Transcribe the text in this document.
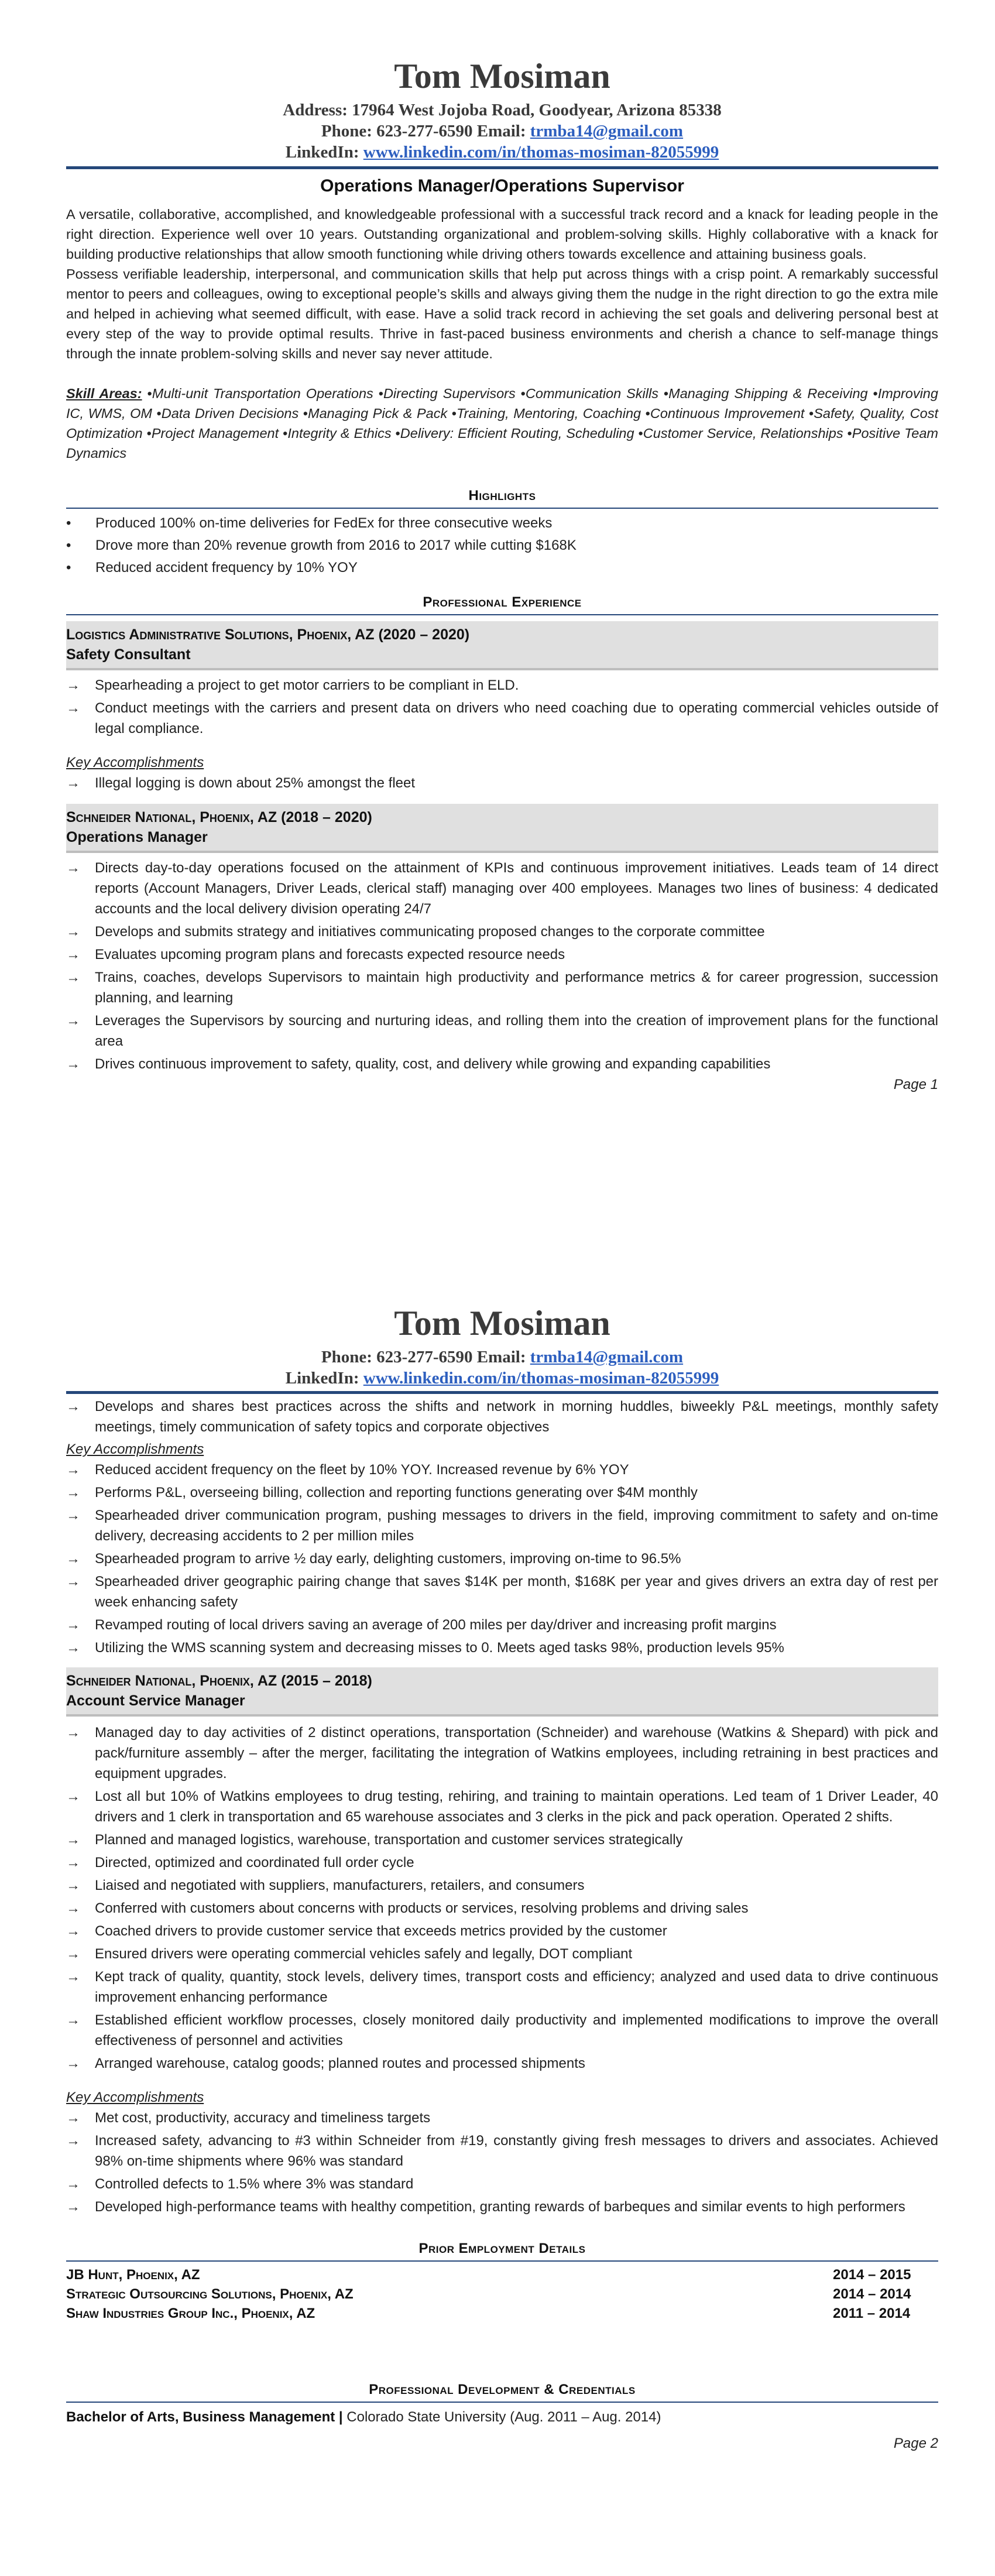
Tom Mosiman
Address: 17964 West Jojoba Road, Goodyear, Arizona 85338
Phone: 623-277-6590 Email: trmba14@gmail.com
LinkedIn: www.linkedin.com/in/thomas-mosiman-82055999
Operations Manager/Operations Supervisor

A versatile, collaborative, accomplished, and knowledgeable professional with a successful track record and a knack for leading people in the right direction. Experience well over 10 years. Outstanding organizational and problem-solving skills. Highly collaborative with a knack for building productive relationships that allow smooth functioning while driving others towards excellence and attaining business goals.

Possess verifiable leadership, interpersonal, and communication skills that help put across things with a crisp point. A remarkably successful mentor to peers and colleagues, owing to exceptional people’s skills and always giving them the nudge in the right direction to go the extra mile and helped in achieving what seemed difficult, with ease. Have a solid track record in achieving the set goals and delivering personal best at every step of the way to provide optimal results. Thrive in fast-paced business environments and cherish a chance to self-manage things through the innate problem-solving skills and never say never attitude.

Skill Areas: •Multi-unit Transportation Operations •Directing Supervisors •Communication Skills •Managing Shipping & Receiving •Improving IC, WMS, OM •Data Driven Decisions •Managing Pick & Pack •Training, Mentoring, Coaching •Continuous Improvement •Safety, Quality, Cost Optimization •Project Management •Integrity & Ethics •Delivery: Efficient Routing, Scheduling •Customer Service, Relationships •Positive Team Dynamics
Highlights
• Produced 100% on-time deliveries for FedEx for three consecutive weeks
• Drove more than 20% revenue growth from 2016 to 2017 while cutting $168K
• Reduced accident frequency by 10% YOY
Professional Experience
Logistics Administrative Solutions, Phoenix, AZ (2020 – 2020)
Safety Consultant
→ Spearheading a project to get motor carriers to be compliant in ELD.
→ Conduct meetings with the carriers and present data on drivers who need coaching due to operating commercial vehicles outside of legal compliance.
Key Accomplishments
→ Illegal logging is down about 25% amongst the fleet
Schneider National, Phoenix, AZ (2018 – 2020)
Operations Manager
→ Directs day-to-day operations focused on the attainment of KPIs and continuous improvement initiatives. Leads team of 14 direct reports (Account Managers, Driver Leads, clerical staff) managing over 400 employees. Manages two lines of business: 4 dedicated accounts and the local delivery division operating 24/7
→ Develops and submits strategy and initiatives communicating proposed changes to the corporate committee
→ Evaluates upcoming program plans and forecasts expected resource needs
→ Trains, coaches, develops Supervisors to maintain high productivity and performance metrics & for career progression, succession planning, and learning
→ Leverages the Supervisors by sourcing and nurturing ideas, and rolling them into the creation of improvement plans for the functional area
→ Drives continuous improvement to safety, quality, cost, and delivery while growing and expanding capabilities
Page 1
Tom Mosiman
Phone: 623-277-6590 Email: trmba14@gmail.com
LinkedIn: www.linkedin.com/in/thomas-mosiman-82055999
→ Develops and shares best practices across the shifts and network in morning huddles, biweekly P&L meetings, monthly safety meetings, timely communication of safety topics and corporate objectives
Key Accomplishments
→ Reduced accident frequency on the fleet by 10% YOY. Increased revenue by 6% YOY
→ Performs P&L, overseeing billing, collection and reporting functions generating over $4M monthly
→ Spearheaded driver communication program, pushing messages to drivers in the field, improving commitment to safety and on-time delivery, decreasing accidents to 2 per million miles
→ Spearheaded program to arrive ½ day early, delighting customers, improving on-time to 96.5%
→ Spearheaded driver geographic pairing change that saves $14K per month, $168K per year and gives drivers an extra day of rest per week enhancing safety
→ Revamped routing of local drivers saving an average of 200 miles per day/driver and increasing profit margins
→ Utilizing the WMS scanning system and decreasing misses to 0. Meets aged tasks 98%, production levels 95%
Schneider National, Phoenix, AZ (2015 – 2018)
Account Service Manager
→ Managed day to day activities of 2 distinct operations, transportation (Schneider) and warehouse (Watkins & Shepard) with pick and pack/furniture assembly – after the merger, facilitating the integration of Watkins employees, including retraining in best practices and equipment upgrades.
→ Lost all but 10% of Watkins employees to drug testing, rehiring, and training to maintain operations. Led team of 1 Driver Leader, 40 drivers and 1 clerk in transportation and 65 warehouse associates and 3 clerks in the pick and pack operation. Operated 2 shifts.
→ Planned and managed logistics, warehouse, transportation and customer services strategically
→ Directed, optimized and coordinated full order cycle
→ Liaised and negotiated with suppliers, manufacturers, retailers, and consumers
→ Conferred with customers about concerns with products or services, resolving problems and driving sales
→ Coached drivers to provide customer service that exceeds metrics provided by the customer
→ Ensured drivers were operating commercial vehicles safely and legally, DOT compliant
→ Kept track of quality, quantity, stock levels, delivery times, transport costs and efficiency; analyzed and used data to drive continuous improvement enhancing performance
→ Established efficient workflow processes, closely monitored daily productivity and implemented modifications to improve the overall effectiveness of personnel and activities
→ Arranged warehouse, catalog goods; planned routes and processed shipments
Key Accomplishments
→ Met cost, productivity, accuracy and timeliness targets
→ Increased safety, advancing to #3 within Schneider from #19, constantly giving fresh messages to drivers and associates. Achieved 98% on-time shipments where 96% was standard
→ Controlled defects to 1.5% where 3% was standard
→ Developed high-performance teams with healthy competition, granting rewards of barbeques and similar events to high performers
Prior Employment Details
JB Hunt, Phoenix, AZ	2014 – 2015
Strategic Outsourcing Solutions, Phoenix, AZ	2014 – 2014
Shaw Industries Group Inc., Phoenix, AZ	2011 – 2014
Professional Development & Credentials
Bachelor of Arts, Business Management | Colorado State University (Aug. 2011 – Aug. 2014)
Page 2
